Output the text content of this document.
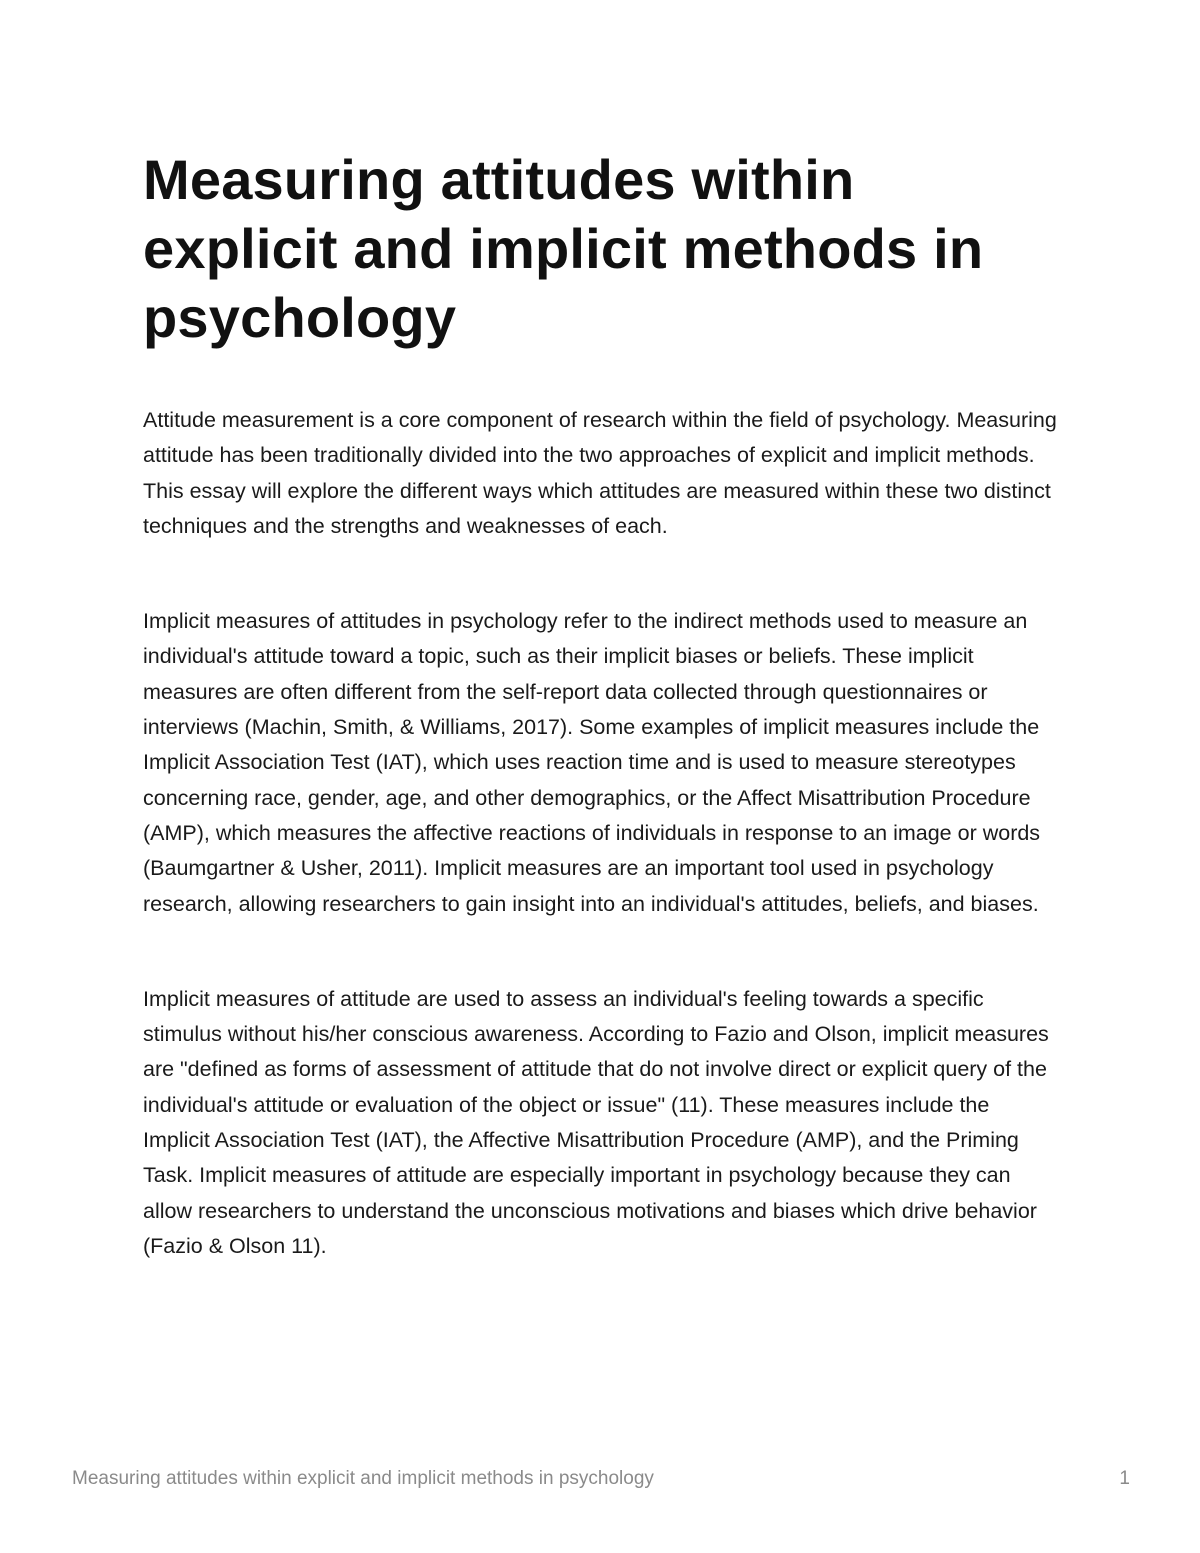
Measuring attitudes within explicit and implicit methods in psychology

Attitude measurement is a core component of research within the field of psychology. Measuring attitude has been traditionally divided into the two approaches of explicit and implicit methods. This essay will explore the different ways which attitudes are measured within these two distinct techniques and the strengths and weaknesses of each.

Implicit measures of attitudes in psychology refer to the indirect methods used to measure an individual's attitude toward a topic, such as their implicit biases or beliefs. These implicit measures are often different from the self-report data collected through questionnaires or interviews (Machin, Smith, & Williams, 2017). Some examples of implicit measures include the Implicit Association Test (IAT), which uses reaction time and is used to measure stereotypes concerning race, gender, age, and other demographics, or the Affect Misattribution Procedure (AMP), which measures the affective reactions of individuals in response to an image or words (Baumgartner & Usher, 2011). Implicit measures are an important tool used in psychology research, allowing researchers to gain insight into an individual's attitudes, beliefs, and biases.

Implicit measures of attitude are used to assess an individual's feeling towards a specific stimulus without his/her conscious awareness. According to Fazio and Olson, implicit measures are "defined as forms of assessment of attitude that do not involve direct or explicit query of the individual's attitude or evaluation of the object or issue" (11). These measures include the Implicit Association Test (IAT), the Affective Misattribution Procedure (AMP), and the Priming Task. Implicit measures of attitude are especially important in psychology because they can allow researchers to understand the unconscious motivations and biases which drive behavior (Fazio & Olson 11).

Measuring attitudes within explicit and implicit methods in psychology	1
